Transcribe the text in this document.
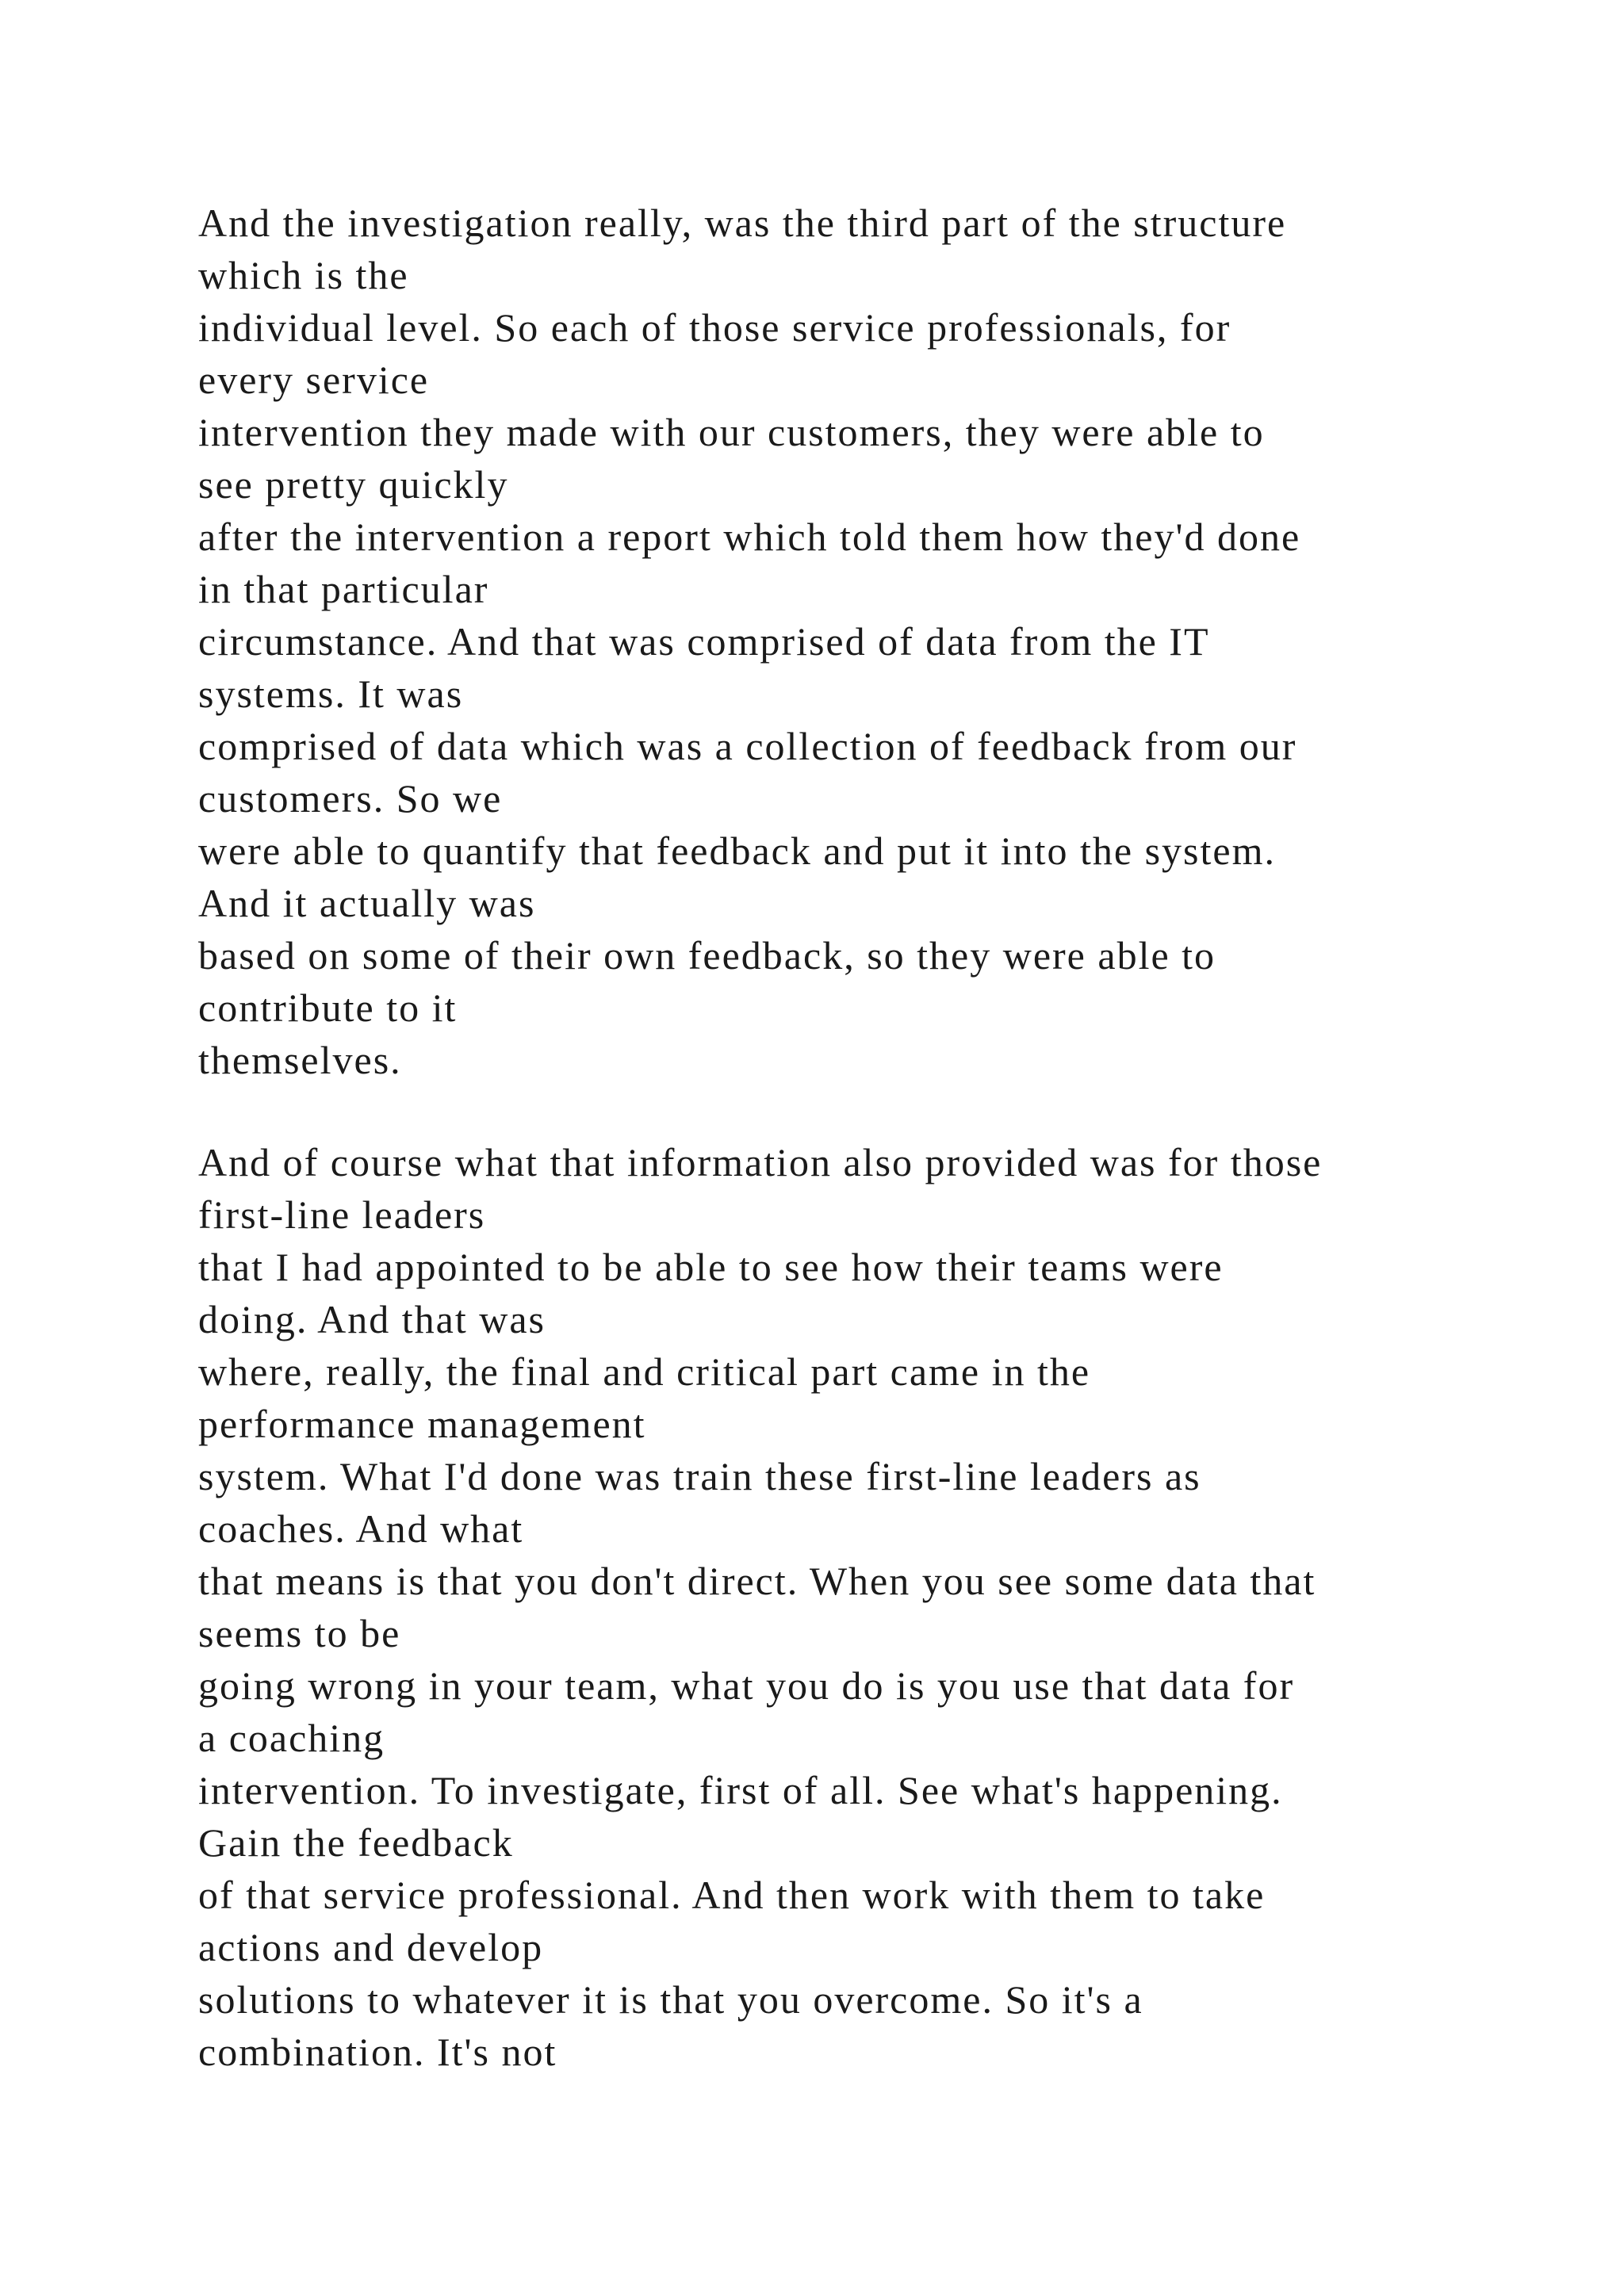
And the investigation really, was the third part of the structure
which is the
individual level. So each of those service professionals, for
every service
intervention they made with our customers, they were able to
see pretty quickly
after the intervention a report which told them how they'd done
in that particular
circumstance. And that was comprised of data from the IT
systems. It was
comprised of data which was a collection of feedback from our
customers. So we
were able to quantify that feedback and put it into the system.
And it actually was
based on some of their own feedback, so they were able to
contribute to it
themselves.
And of course what that information also provided was for those
first-line leaders
that I had appointed to be able to see how their teams were
doing. And that was
where, really, the final and critical part came in the
performance management
system. What I'd done was train these first-line leaders as
coaches. And what
that means is that you don't direct. When you see some data that
seems to be
going wrong in your team, what you do is you use that data for
a coaching
intervention. To investigate, first of all. See what's happening.
Gain the feedback
of that service professional. And then work with them to take
actions and develop
solutions to whatever it is that you overcome. So it's a
combination. It's not
